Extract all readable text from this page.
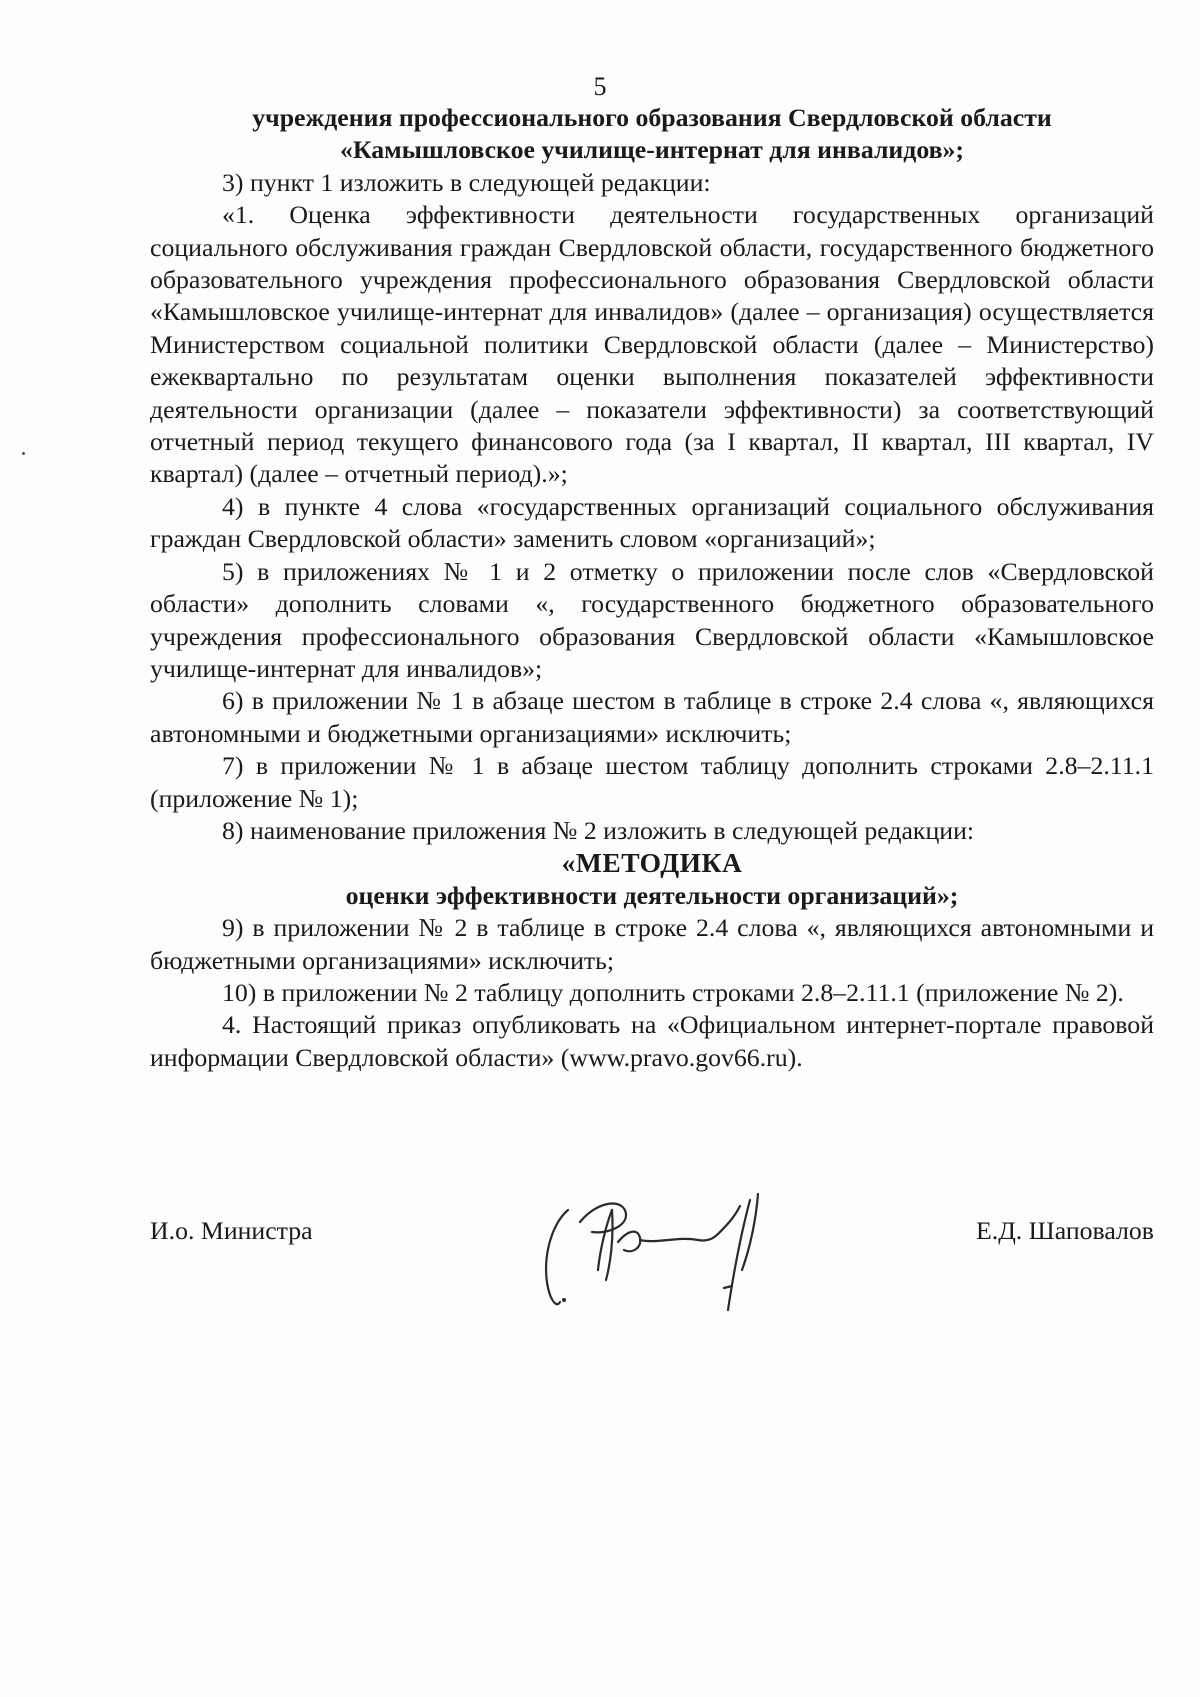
5

учреждения профессионального образования Свердловской области

«Камышловское училище-интернат для инвалидов»;

3) пункт 1 изложить в следующей редакции:

«1. Оценка эффективности деятельности государственных организаций социального обслуживания граждан Свердловской области, государственного бюджетного образовательного учреждения профессионального образования Свердловской области «Камышловское училище-интернат для инвалидов» (далее – организация) осуществляется Министерством социальной политики Свердловской области (далее – Министерство) ежеквартально по результатам оценки выполнения показателей эффективности деятельности организации (далее – показатели эффективности) за соответствующий отчетный период текущего финансового года (за I квартал, II квартал, III квартал, IV квартал) (далее – отчетный период).»;

4) в пункте 4 слова «государственных организаций социального обслуживания граждан Свердловской области» заменить словом «организаций»;

5) в приложениях № 1 и 2 отметку о приложении после слов «Свердловской области» дополнить словами «, государственного бюджетного образовательного учреждения профессионального образования Свердловской области «Камышловское училище-интернат для инвалидов»;

6) в приложении № 1 в абзаце шестом в таблице в строке 2.4 слова «, являющихся автономными и бюджетными организациями» исключить;

7) в приложении № 1 в абзаце шестом таблицу дополнить строками 2.8–2.11.1 (приложение № 1);

8) наименование приложения № 2 изложить в следующей редакции:

«МЕТОДИКА

оценки эффективности деятельности организаций»;

9) в приложении № 2 в таблице в строке 2.4 слова «, являющихся автономными и бюджетными организациями» исключить;

10) в приложении № 2 таблицу дополнить строками 2.8–2.11.1 (приложение № 2).

4. Настоящий приказ опубликовать на «Официальном интернет-портале правовой информации Свердловской области» (www.pravo.gov66.ru).

И.о. Министра	Е.Д. Шаповалов
